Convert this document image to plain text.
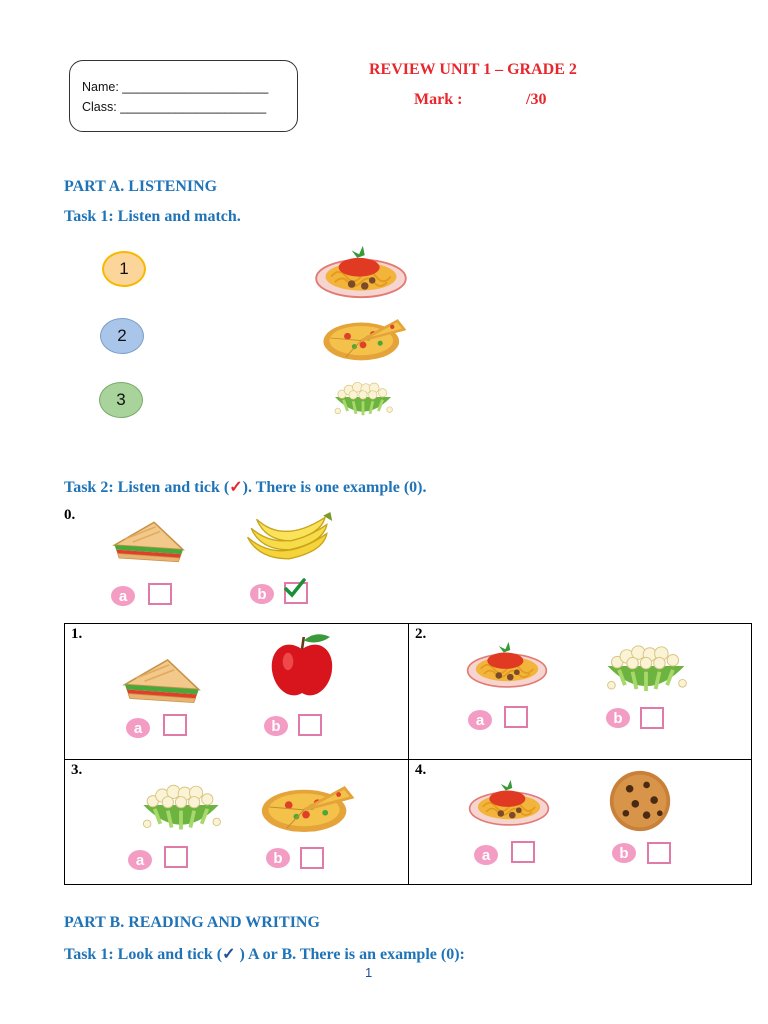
Name: _____________________
Class: _____________________
REVIEW UNIT 1 – GRADE 2
Mark :	/30
PART A. LISTENING
Task 1: Listen and match.
1
2
3
Task 2: Listen and tick (✓). There is one example (0).
0.
a	b
1.
a	b
2.
a	b
3.
a	b
4.
a	b
PART B. READING AND WRITING
Task 1: Look and tick (✓ ) A or B. There is an example (0):
1
